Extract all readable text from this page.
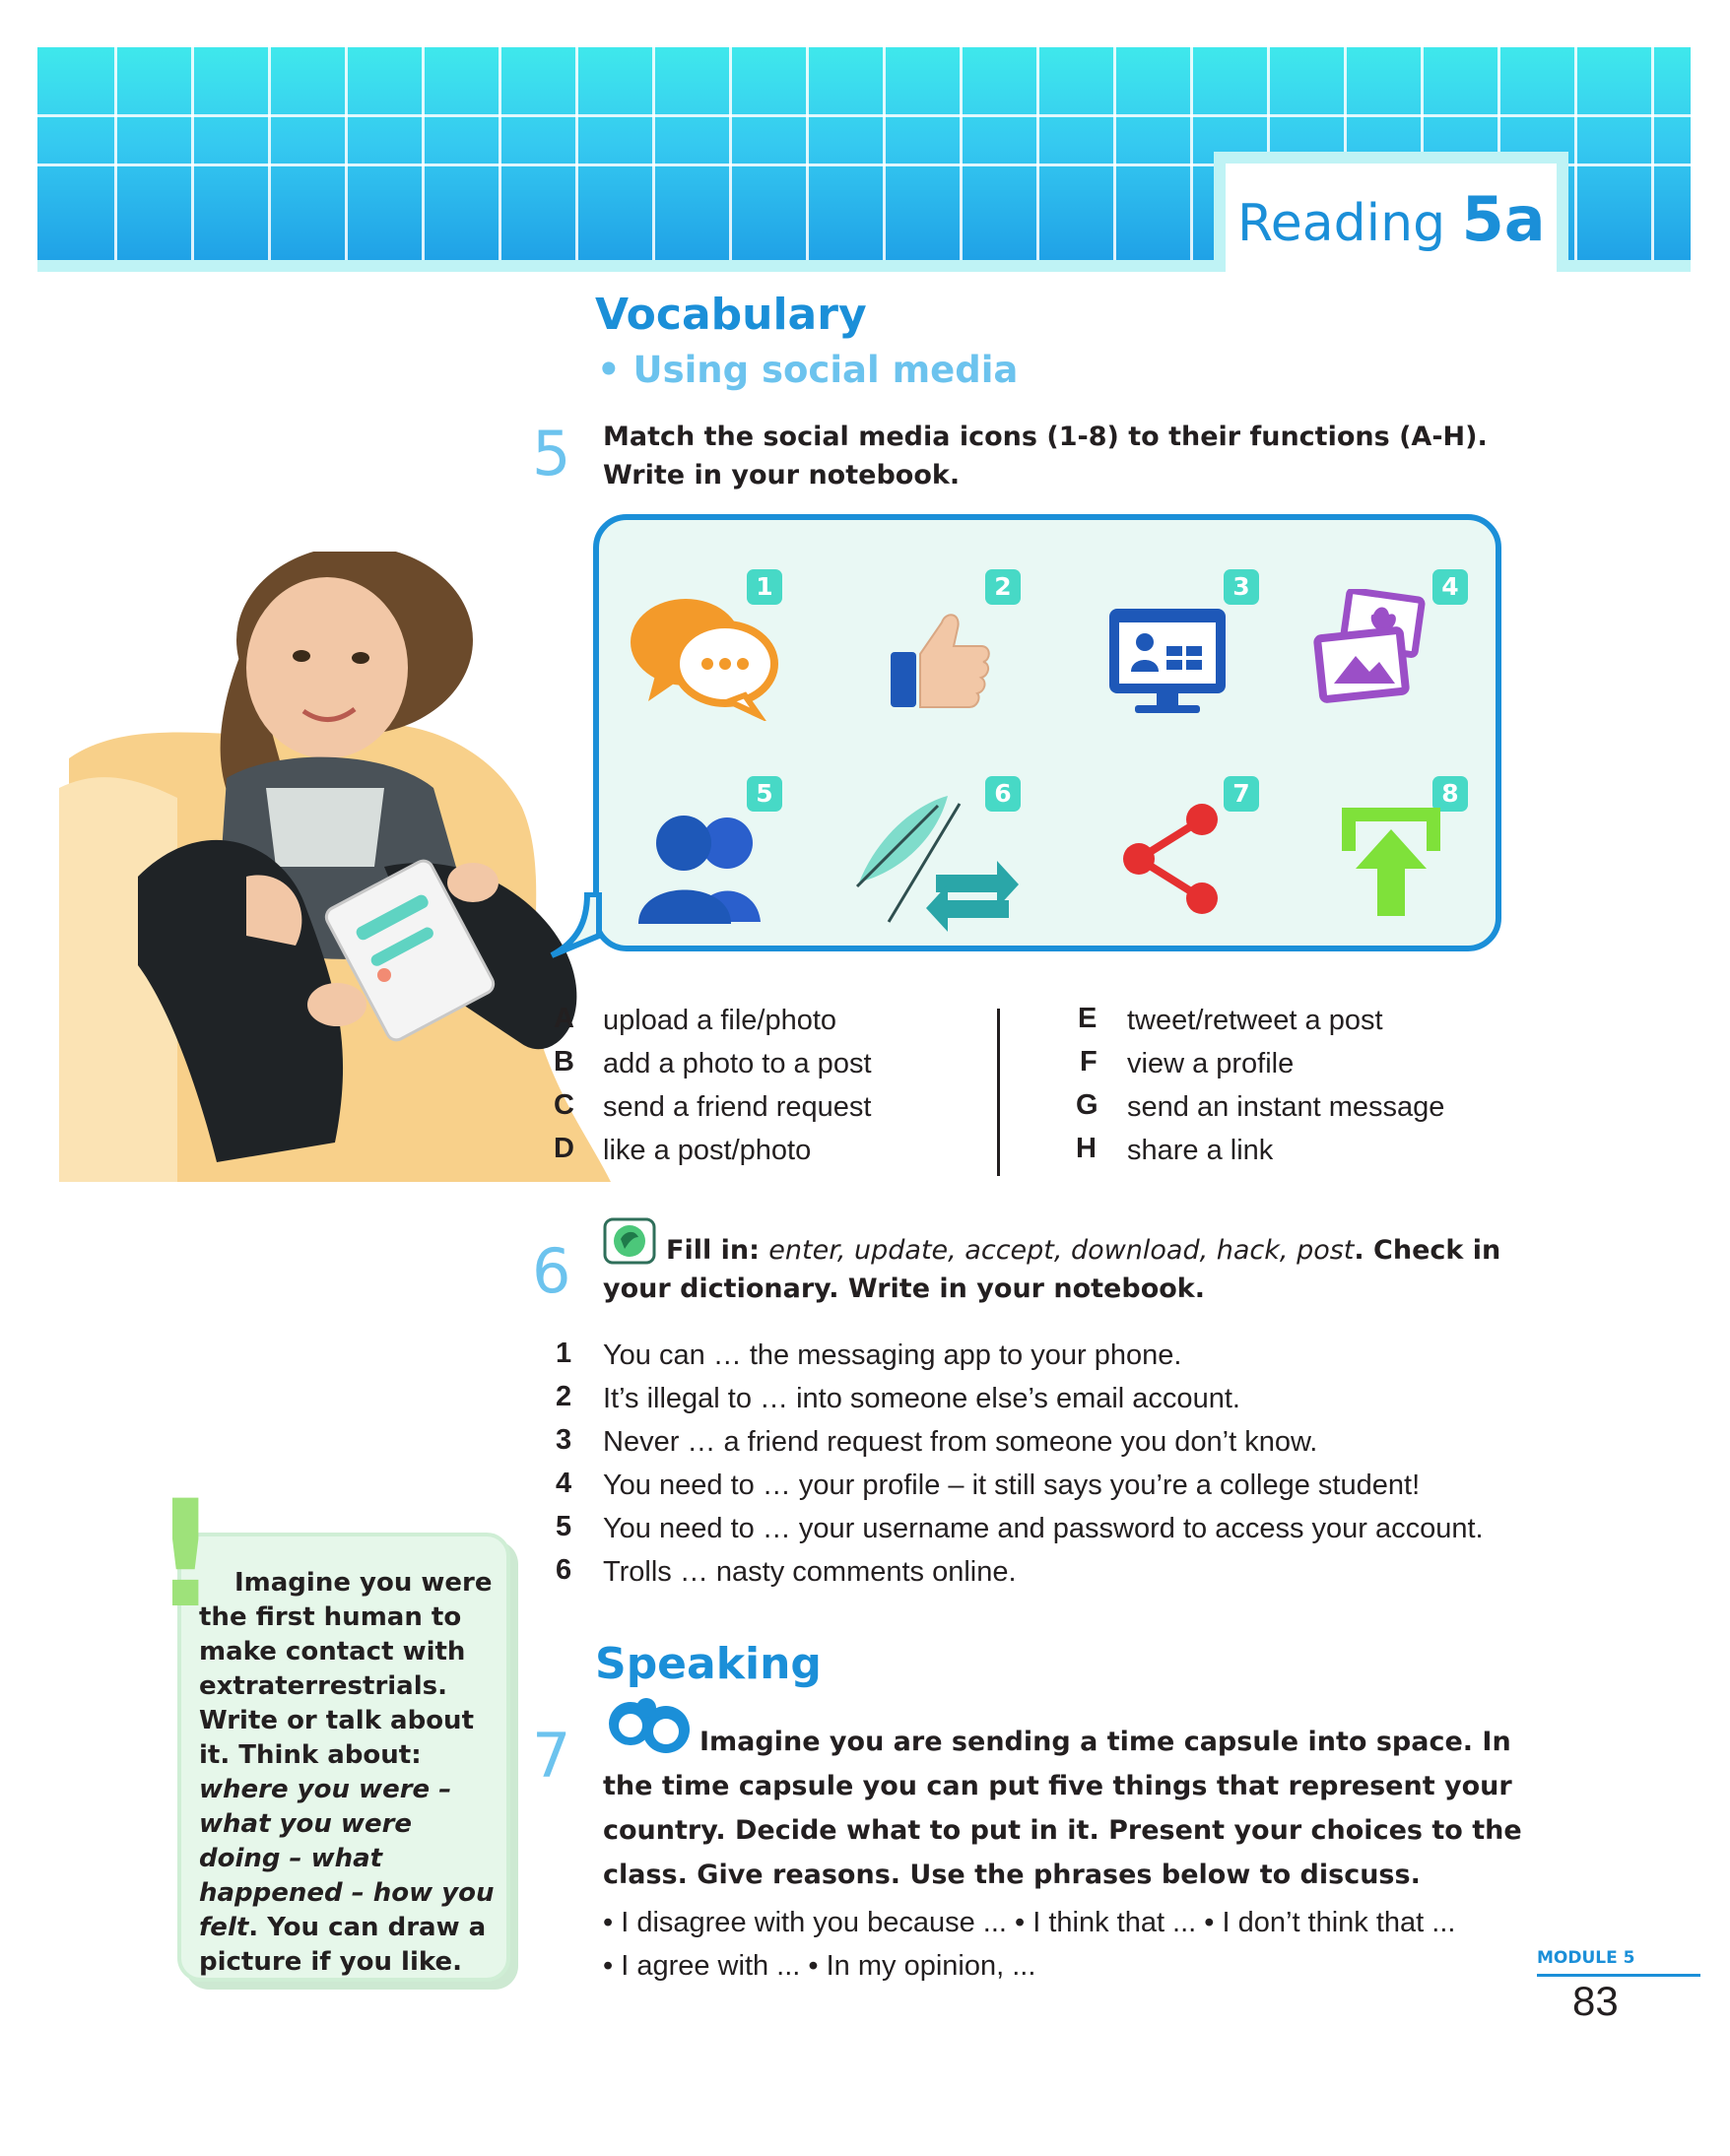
Reading 5a
Vocabulary
• Using social media
5 Match the social media icons (1-8) to their functions (A-H). Write in your notebook.
1	2	3	4
5	6	7	8
A upload a file/photo
B add a photo to a post
C send a friend request
D like a post/photo
E tweet/retweet a post
F view a profile
G send an instant message
H share a link
6	Fill in: enter, update, accept, download, hack, post. Check in your dictionary. Write in your notebook.
1 You can … the messaging app to your phone.
2 It’s illegal to … into someone else’s email account.
3 Never … a friend request from someone you don’t know.
4 You need to … your profile – it still says you’re a college student!
5 You need to … your username and password to access your account.
6 Trolls … nasty comments online.
! Imagine you were the first human to make contact with extraterrestrials. Write or talk about it. Think about: where you were – what you were doing – what happened – how you felt. You can draw a picture if you like.
Speaking
7	Imagine you are sending a time capsule into space. In the time capsule you can put five things that represent your country. Decide what to put in it. Present your choices to the class. Give reasons. Use the phrases below to discuss.
• I disagree with you because ... • I think that ... • I don’t think that ...
• I agree with ... • In my opinion, ...	MODULE 5
83
